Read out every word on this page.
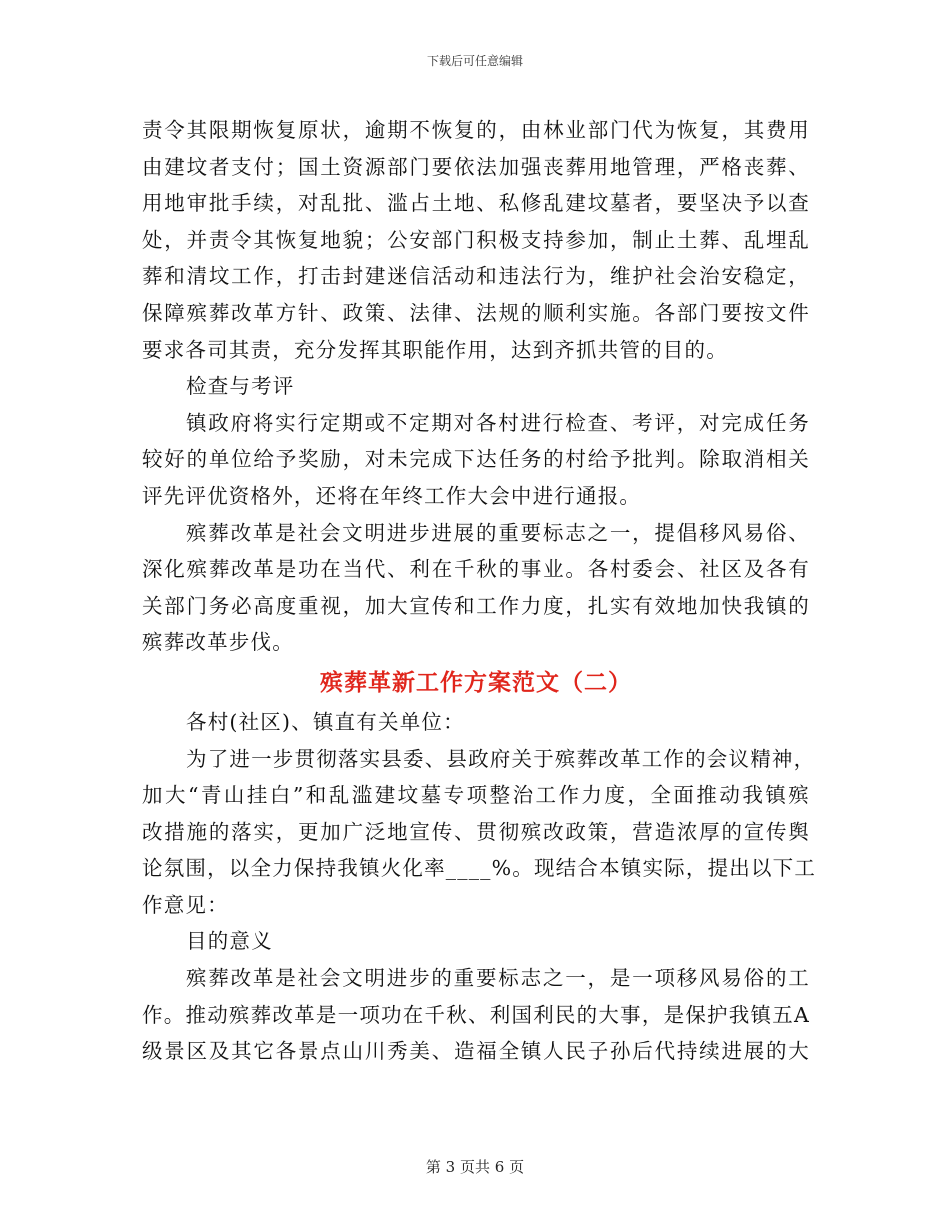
下载后可任意编辑
责令其限期恢复原状，逾期不恢复的，由林业部门代为恢复，其费用
由建坟者支付；国土资源部门要依法加强丧葬用地管理，严格丧葬、
用地审批手续，对乱批、滥占土地、私修乱建坟墓者，要坚决予以查
处，并责令其恢复地貌；公安部门积极支持参加，制止土葬、乱埋乱
葬和清坟工作，打击封建迷信活动和违法行为，维护社会治安稳定，
保障殡葬改革方针、政策、法律、法规的顺利实施。各部门要按文件
要求各司其责，充分发挥其职能作用，达到齐抓共管的目的。
检查与考评
镇政府将实行定期或不定期对各村进行检查、考评，对完成任务
较好的单位给予奖励，对未完成下达任务的村给予批判。除取消相关
评先评优资格外，还将在年终工作大会中进行通报。
殡葬改革是社会文明进步进展的重要标志之一，提倡移风易俗、
深化殡葬改革是功在当代、利在千秋的事业。各村委会、社区及各有
关部门务必高度重视，加大宣传和工作力度，扎实有效地加快我镇的
殡葬改革步伐。
殡葬革新工作方案范文（二）
各村(社区)、镇直有关单位：
为了进一步贯彻落实县委、县政府关于殡葬改革工作的会议精神，
加大“青山挂白”和乱滥建坟墓专项整治工作力度，全面推动我镇殡
改措施的落实，更加广泛地宣传、贯彻殡改政策，营造浓厚的宣传舆
论氛围，以全力保持我镇火化率____%。现结合本镇实际，提出以下工
作意见：
目的意义
殡葬改革是社会文明进步的重要标志之一，是一项移风易俗的工
作。推动殡葬改革是一项功在千秋、利国利民的大事，是保护我镇五A
级景区及其它各景点山川秀美、造福全镇人民子孙后代持续进展的大
第 3 页共 6 页
